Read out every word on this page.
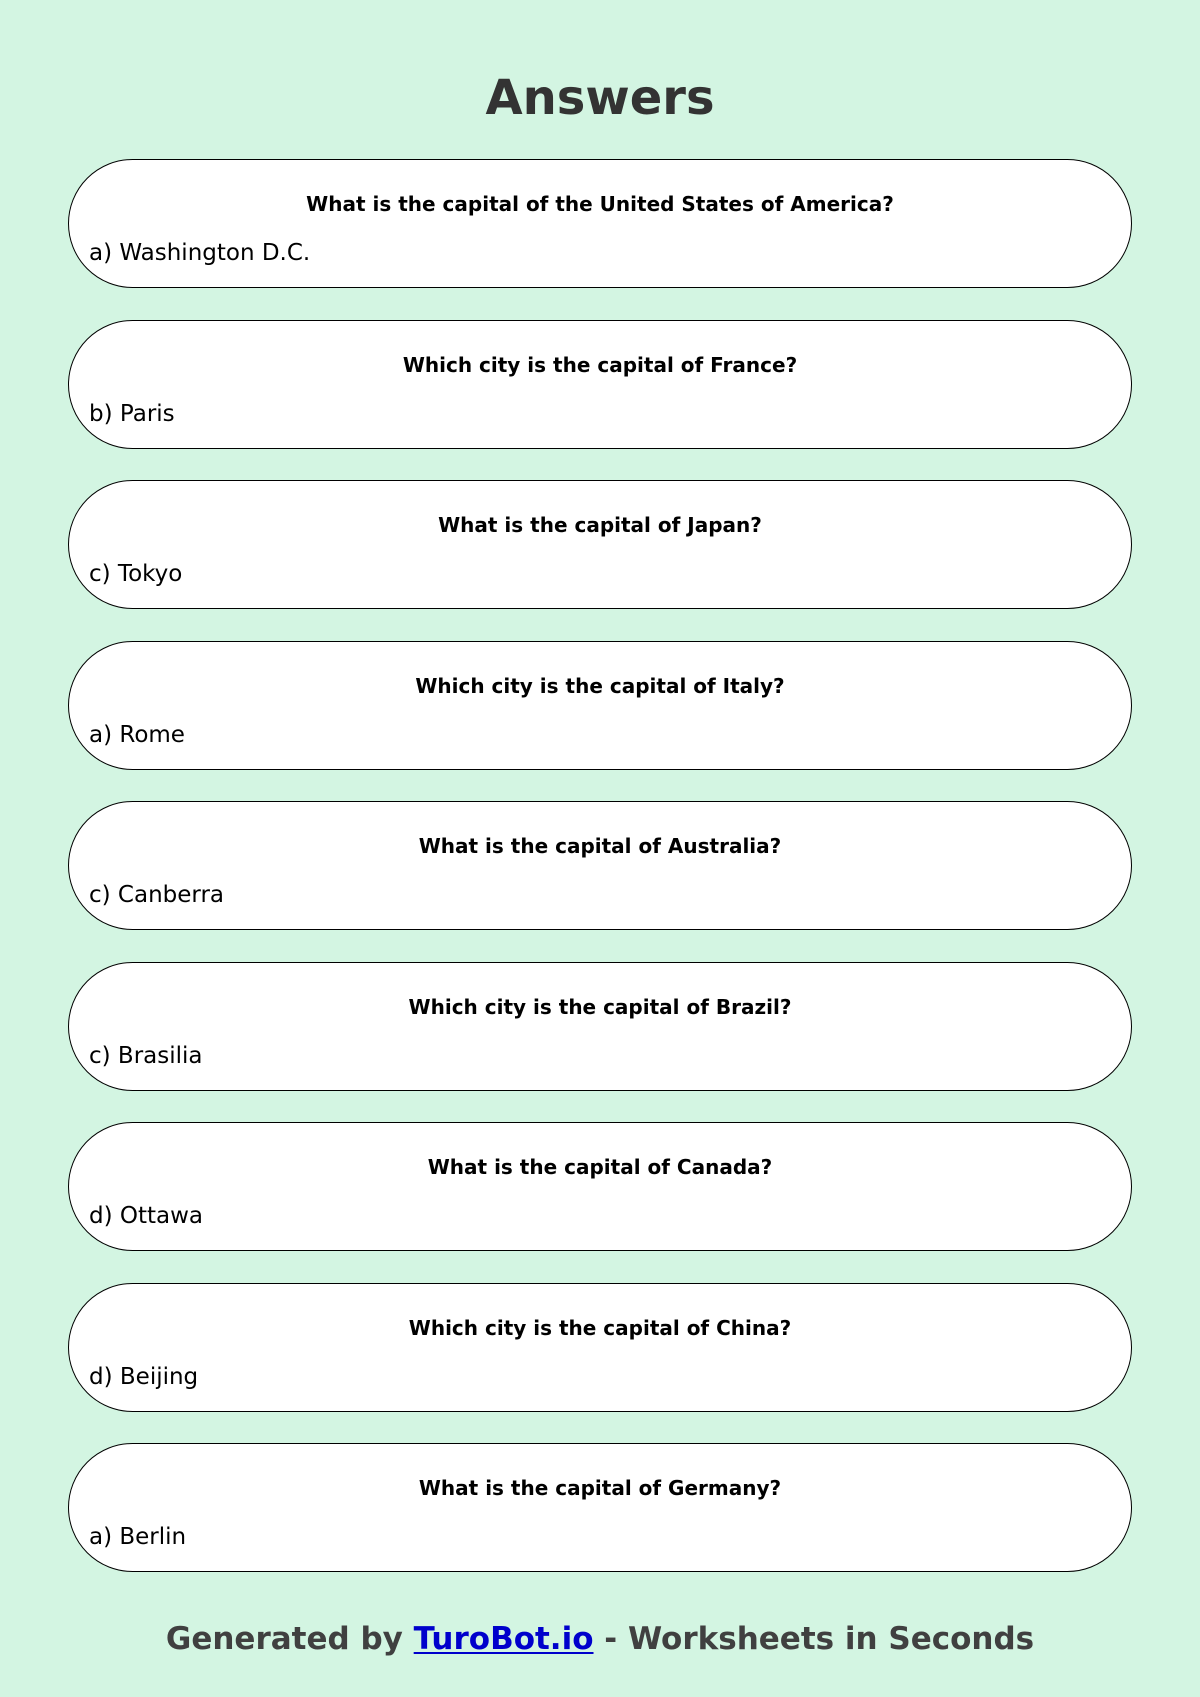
Answers
What is the capital of the United States of America?
a) Washington D.C.
Which city is the capital of France?
b) Paris
What is the capital of Japan?
c) Tokyo
Which city is the capital of Italy?
a) Rome
What is the capital of Australia?
c) Canberra
Which city is the capital of Brazil?
c) Brasilia
What is the capital of Canada?
d) Ottawa
Which city is the capital of China?
d) Beijing
What is the capital of Germany?
a) Berlin
Generated by TuroBot.io - Worksheets in Seconds
